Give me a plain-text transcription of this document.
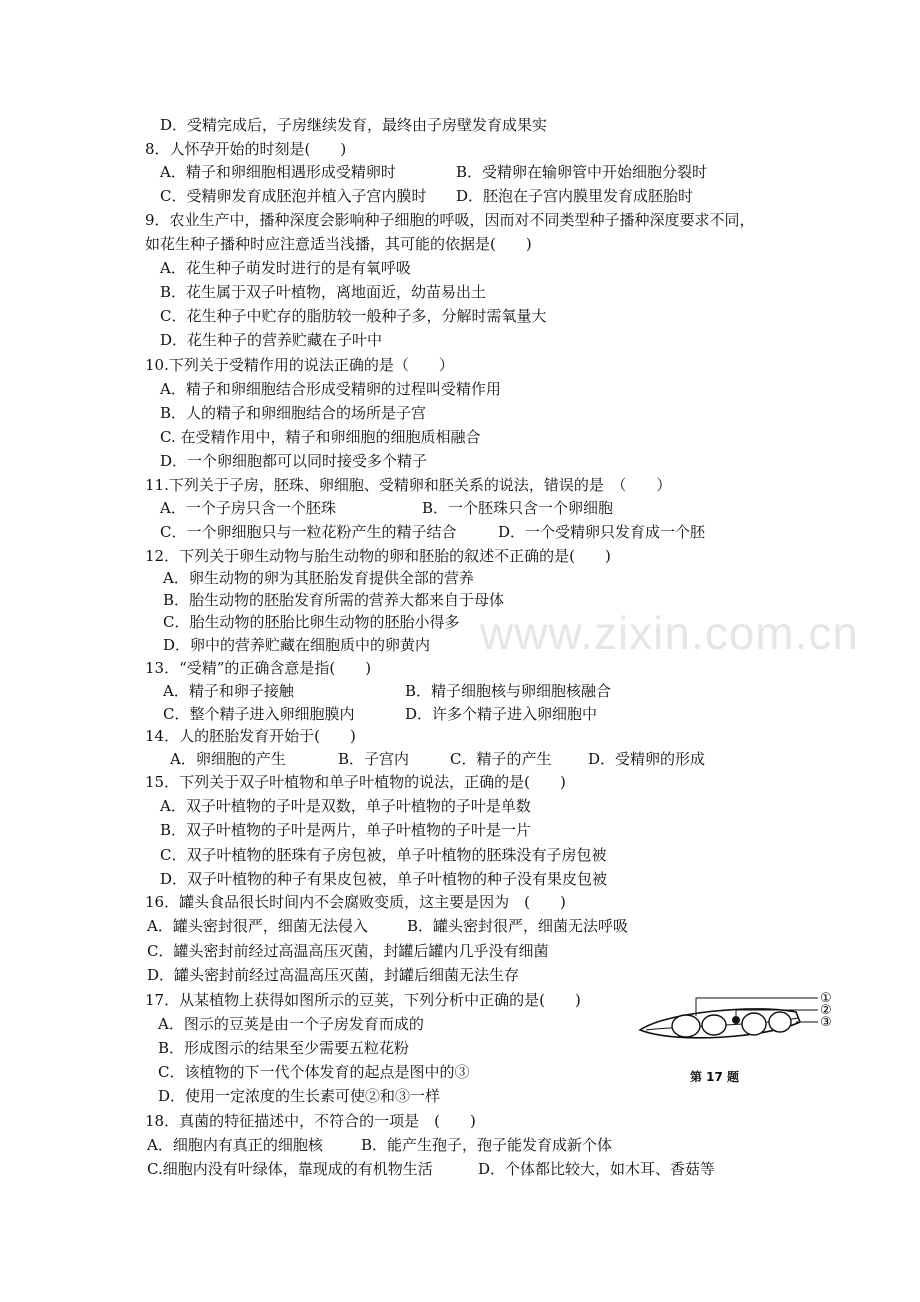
www.zixin.com.cn
D．受精完成后，子房继续发育，最终由子房壁发育成果实
8．人怀孕开始的时刻是(　　)
A．精子和卵细胞相遇形成受精卵时	B．受精卵在输卵管中开始细胞分裂时
C．受精卵发育成胚泡并植入子宫内膜时 D．胚泡在子宫内膜里发育成胚胎时
9．农业生产中，播种深度会影响种子细胞的呼吸，因而对不同类型种子播种深度要求不同，
如花生种子播种时应注意适当浅播，其可能的依据是(　　)
A．花生种子萌发时进行的是有氧呼吸
B．花生属于双子叶植物，离地面近，幼苗易出土
C．花生种子中贮存的脂肪较一般种子多，分解时需氧量大
D．花生种子的营养贮藏在子叶中
10.下列关于受精作用的说法正确的是（　　）
A．精子和卵细胞结合形成受精卵的过程叫受精作用
B．人的精子和卵细胞结合的场所是子宫
C. 在受精作用中，精子和卵细胞的细胞质相融合
D．一个卵细胞都可以同时接受多个精子
11.下列关于子房，胚珠、卵细胞、受精卵和胚关系的说法，错误的是　（　　）
A．一个子房只含一个胚珠	B．一个胚珠只含一个卵细胞
C．一个卵细胞只与一粒花粉产生的精子结合	D．一个受精卵只发育成一个胚
12．下列关于卵生动物与胎生动物的卵和胚胎的叙述不正确的是(　　)
A．卵生动物的卵为其胚胎发育提供全部的营养
B．胎生动物的胚胎发育所需的营养大都来自于母体
C．胎生动物的胚胎比卵生动物的胚胎小得多
D．卵中的营养贮藏在细胞质中的卵黄内
13．“受精”的正确含意是指(　　)
A．精子和卵子接触	B．精子细胞核与卵细胞核融合
C．整个精子进入卵细胞膜内	D．许多个精子进入卵细胞中
14．人的胚胎发育开始于(　　)
A．卵细胞的产生	B．子宫内	C．精子的产生 D．受精卵的形成
15．下列关于双子叶植物和单子叶植物的说法，正确的是(　　)
A．双子叶植物的子叶是双数，单子叶植物的子叶是单数
B．双子叶植物的子叶是两片，单子叶植物的子叶是一片
C．双子叶植物的胚珠有子房包被，单子叶植物的胚珠没有子房包被
D．双子叶植物的种子有果皮包被，单子叶植物的种子没有果皮包被
16．罐头食品很长时间内不会腐败变质，这主要是因为　(　　)
A．罐头密封很严，细菌无法侵入	B．罐头密封很严，细菌无法呼吸
C．罐头密封前经过高温高压灭菌，封罐后罐内几乎没有细菌
D．罐头密封前经过高温高压灭菌，封罐后细菌无法生存
17．从某植物上获得如图所示的豆荚，下列分析中正确的是(　　)
A．图示的豆荚是由一个子房发育而成的
B．形成图示的结果至少需要五粒花粉
C．该植物的下一代个体发育的起点是图中的③
D．使用一定浓度的生长素可使②和③一样
①
②
③
第 17 题
18．真菌的特征描述中，不符合的一项是　(　　)
A．细胞内有真正的细胞核	B．能产生孢子，孢子能发育成新个体
C.细胞内没有叶绿体，靠现成的有机物生活	D．个体都比较大，如木耳、香菇等
